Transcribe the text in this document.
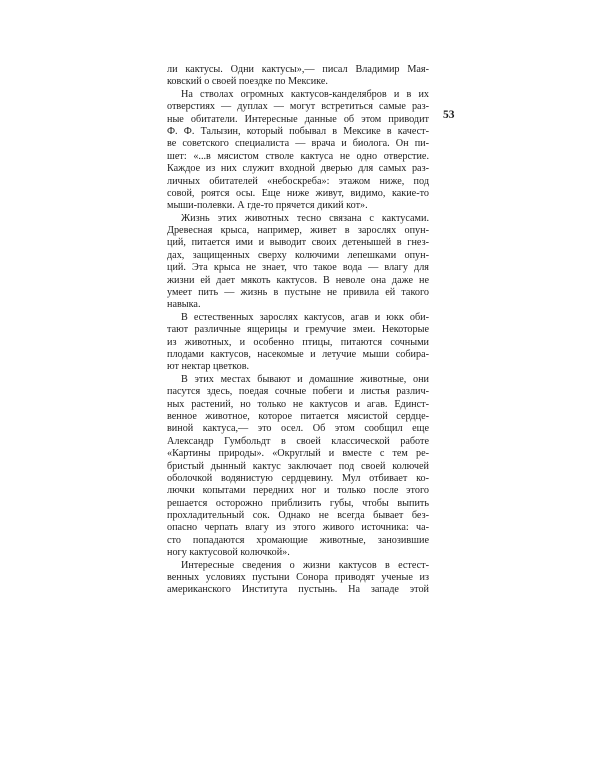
53

ли кактусы. Одни кактусы»,— писал Владимир Мая-
ковский о своей поездке по Мексике.

На стволах огромных кактусов-канделябров и в их
отверстиях — дуплах — могут встретиться самые раз-
ные обитатели. Интересные данные об этом приводит
Ф. Ф. Талызин, который побывал в Мексике в качест-
ве советского специалиста — врача и биолога. Он пи-
шет: «...в мясистом стволе кактуса не одно отверстие.
Каждое из них служит входной дверью для самых раз-
личных обитателей «небоскреба»: этажом ниже, под
совой, роятся осы. Еще ниже живут, видимо, какие-то
мыши-полевки. А где-то прячется дикий кот».

Жизнь этих животных тесно связана с кактусами.
Древесная крыса, например, живет в зарослях опун-
ций, питается ими и выводит своих детенышей в гнез-
дах, защищенных сверху колючими лепешками опун-
ций. Эта крыса не знает, что такое вода — влагу для
жизни ей дает мякоть кактусов. В неволе она даже не
умеет пить — жизнь в пустыне не привила ей такого
навыка.

В естественных зарослях кактусов, агав и юкк оби-
тают различные ящерицы и гремучие змеи. Некоторые
из животных, и особенно птицы, питаются сочными
плодами кактусов, насекомые и летучие мыши собира-
ют нектар цветков.

В этих местах бывают и домашние животные, они
пасутся здесь, поедая сочные побеги и листья различ-
ных растений, но только не кактусов и агав. Единст-
венное животное, которое питается мясистой сердце-
виной кактуса,— это осел. Об этом сообщил еще
Александр Гумбольдт в своей классической работе
«Картины природы». «Округлый и вместе с тем ре-
бристый дынный кактус заключает под своей колючей
оболочкой водянистую сердцевину. Мул отбивает ко-
лючки копытами передних ног и только после этого
решается осторожно приблизить губы, чтобы выпить
прохладительный сок. Однако не всегда бывает без-
опасно черпать влагу из этого живого источника: ча-
сто попадаются хромающие животные, занозившие
ногу кактусовой колючкой».

Интересные сведения о жизни кактусов в естест-
венных условиях пустыни Сонора приводят ученые из
американского Института пустынь. На западе этой
